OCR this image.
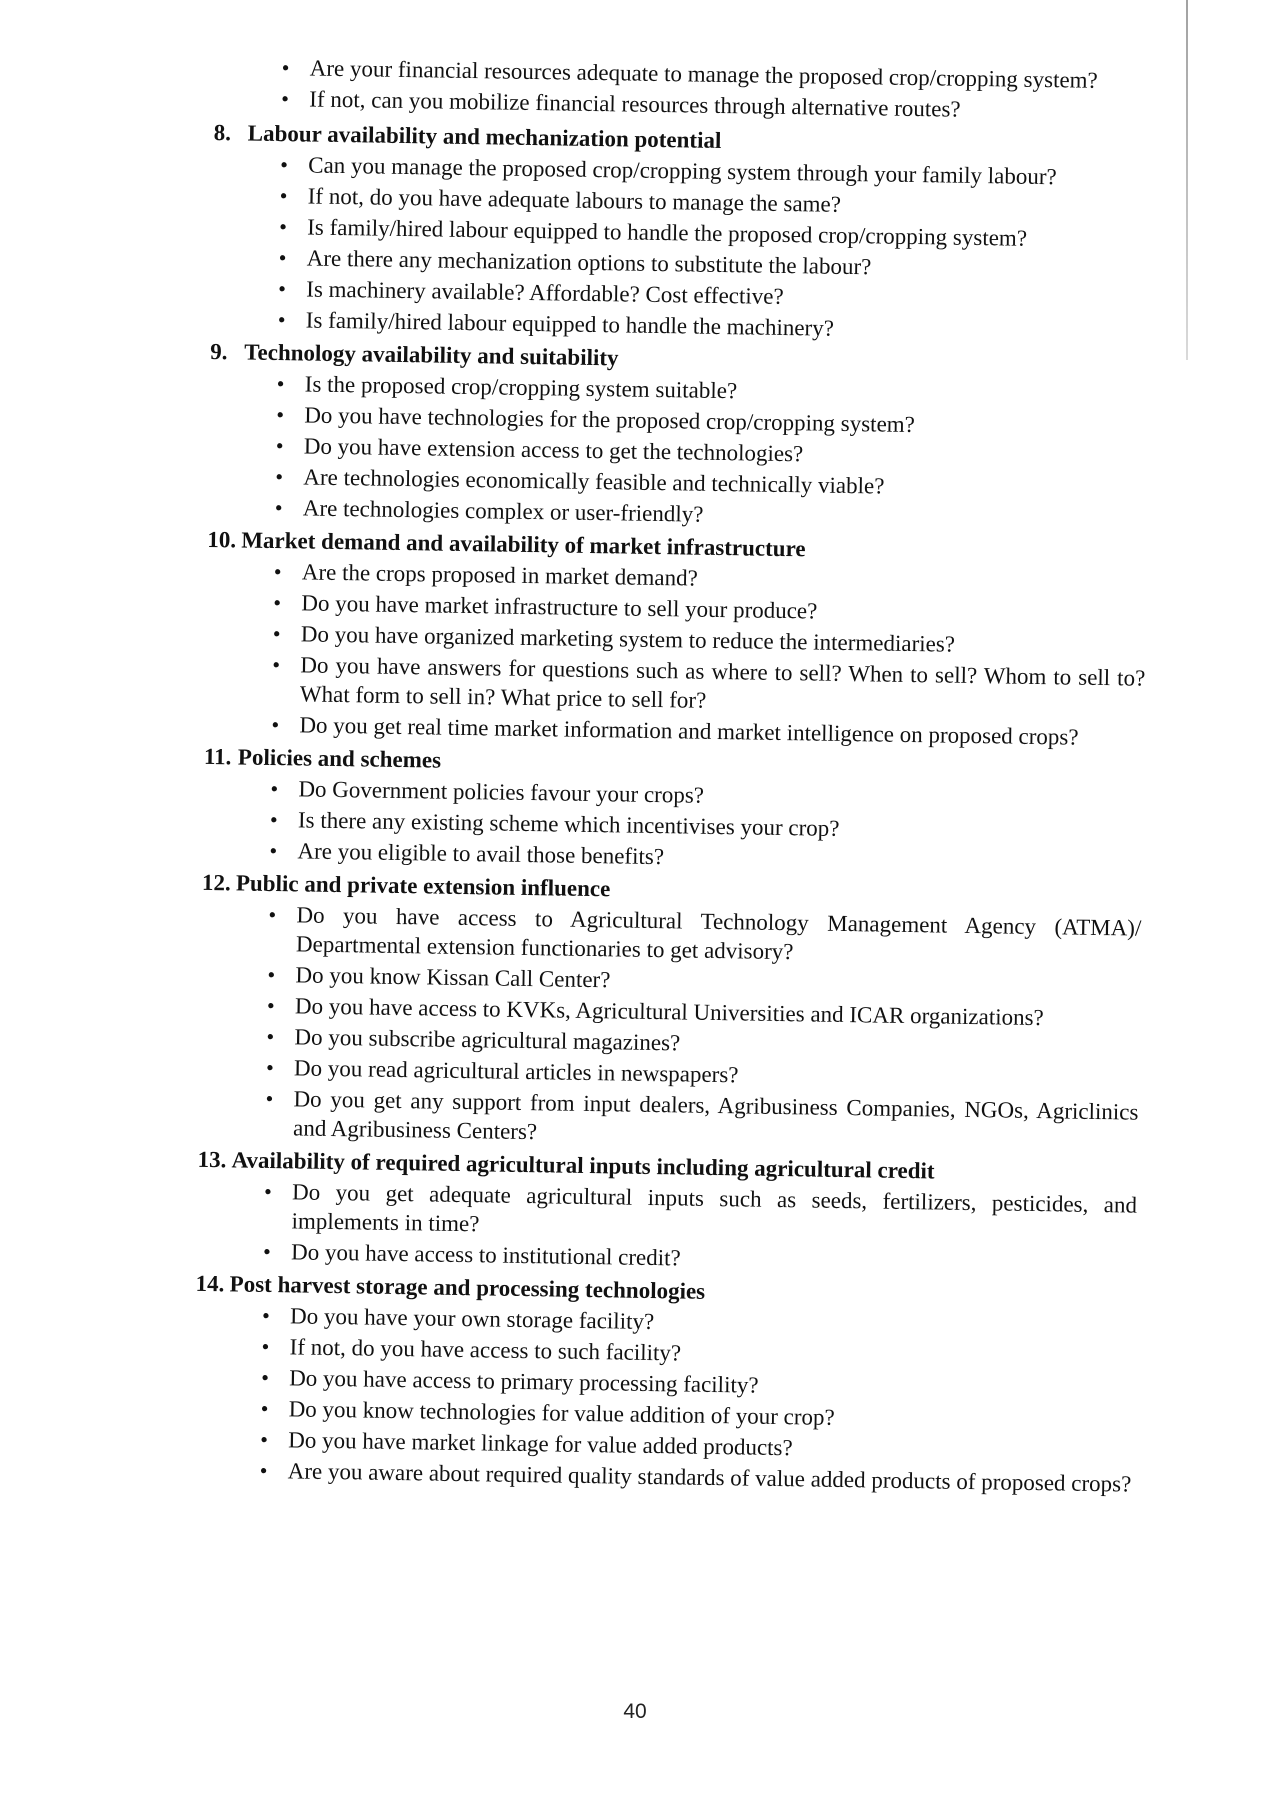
• Are your financial resources adequate to manage the proposed crop/cropping system?
• If not, can you mobilize financial resources through alternative routes?
8. Labour availability and mechanization potential
• Can you manage the proposed crop/cropping system through your family labour?
• If not, do you have adequate labours to manage the same?
• Is family/hired labour equipped to handle the proposed crop/cropping system?
• Are there any mechanization options to substitute the labour?
• Is machinery available? Affordable? Cost effective?
• Is family/hired labour equipped to handle the machinery?
9. Technology availability and suitability
• Is the proposed crop/cropping system suitable?
• Do you have technologies for the proposed crop/cropping system?
• Do you have extension access to get the technologies?
• Are technologies economically feasible and technically viable?
• Are technologies complex or user-friendly?
10. Market demand and availability of market infrastructure
• Are the crops proposed in market demand?
• Do you have market infrastructure to sell your produce?
• Do you have organized marketing system to reduce the intermediaries?
• Do you have answers for questions such as where to sell? When to sell? Whom to sell to? What form to sell in? What price to sell for?
• Do you get real time market information and market intelligence on proposed crops?
11. Policies and schemes
• Do Government policies favour your crops?
• Is there any existing scheme which incentivises your crop?
• Are you eligible to avail those benefits?
12. Public and private extension influence
• Do you have access to Agricultural Technology Management Agency (ATMA)/ Departmental extension functionaries to get advisory?
• Do you know Kissan Call Center?
• Do you have access to KVKs, Agricultural Universities and ICAR organizations?
• Do you subscribe agricultural magazines?
• Do you read agricultural articles in newspapers?
• Do you get any support from input dealers, Agribusiness Companies, NGOs, Agriclinics and Agribusiness Centers?
13. Availability of required agricultural inputs including agricultural credit
• Do you get adequate agricultural inputs such as seeds, fertilizers, pesticides, and implements in time?
• Do you have access to institutional credit?
14. Post harvest storage and processing technologies
• Do you have your own storage facility?
• If not, do you have access to such facility?
• Do you have access to primary processing facility?
• Do you know technologies for value addition of your crop?
• Do you have market linkage for value added products?
• Are you aware about required quality standards of value added products of proposed crops?
40
